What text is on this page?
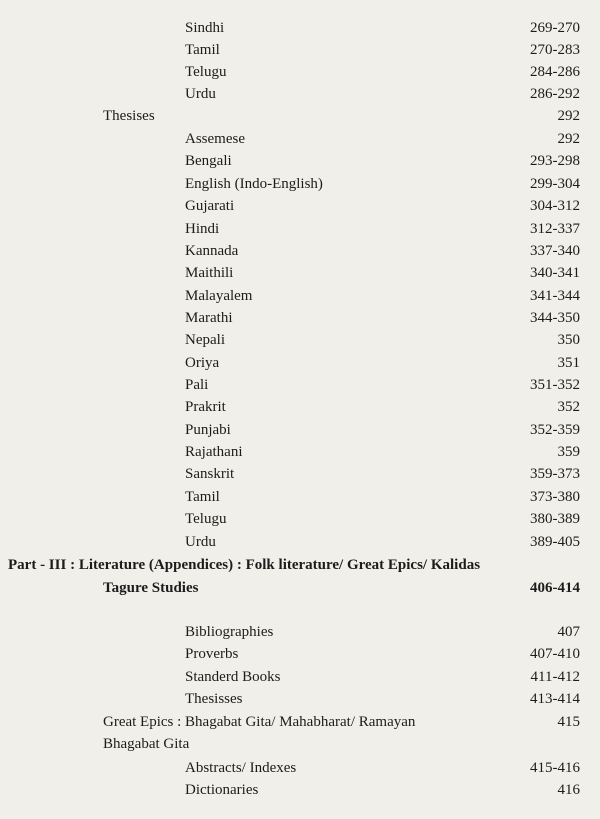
Sindhi	269-270
Tamil	270-283
Telugu	284-286
Urdu	286-292
Thesises	292
Assemese	292
Bengali	293-298
English (Indo-English)	299-304
Gujarati	304-312
Hindi	312-337
Kannada	337-340
Maithili	340-341
Malayalem	341-344
Marathi	344-350
Nepali	350
Oriya	351
Pali	351-352
Prakrit	352
Punjabi	352-359
Rajathani	359
Sanskrit	359-373
Tamil	373-380
Telugu	380-389
Urdu	389-405
Part - III : Literature (Appendices) : Folk literature/ Great Epics/ Kalidas
Tagure Studies	406-414
Bibliographies	407
Proverbs	407-410
Standerd Books	411-412
Thesisses	413-414
Great Epics : Bhagabat Gita/ Mahabharat/ Ramayan	415
Bhagabat Gita
Abstracts/ Indexes	415-416
Dictionaries	416
